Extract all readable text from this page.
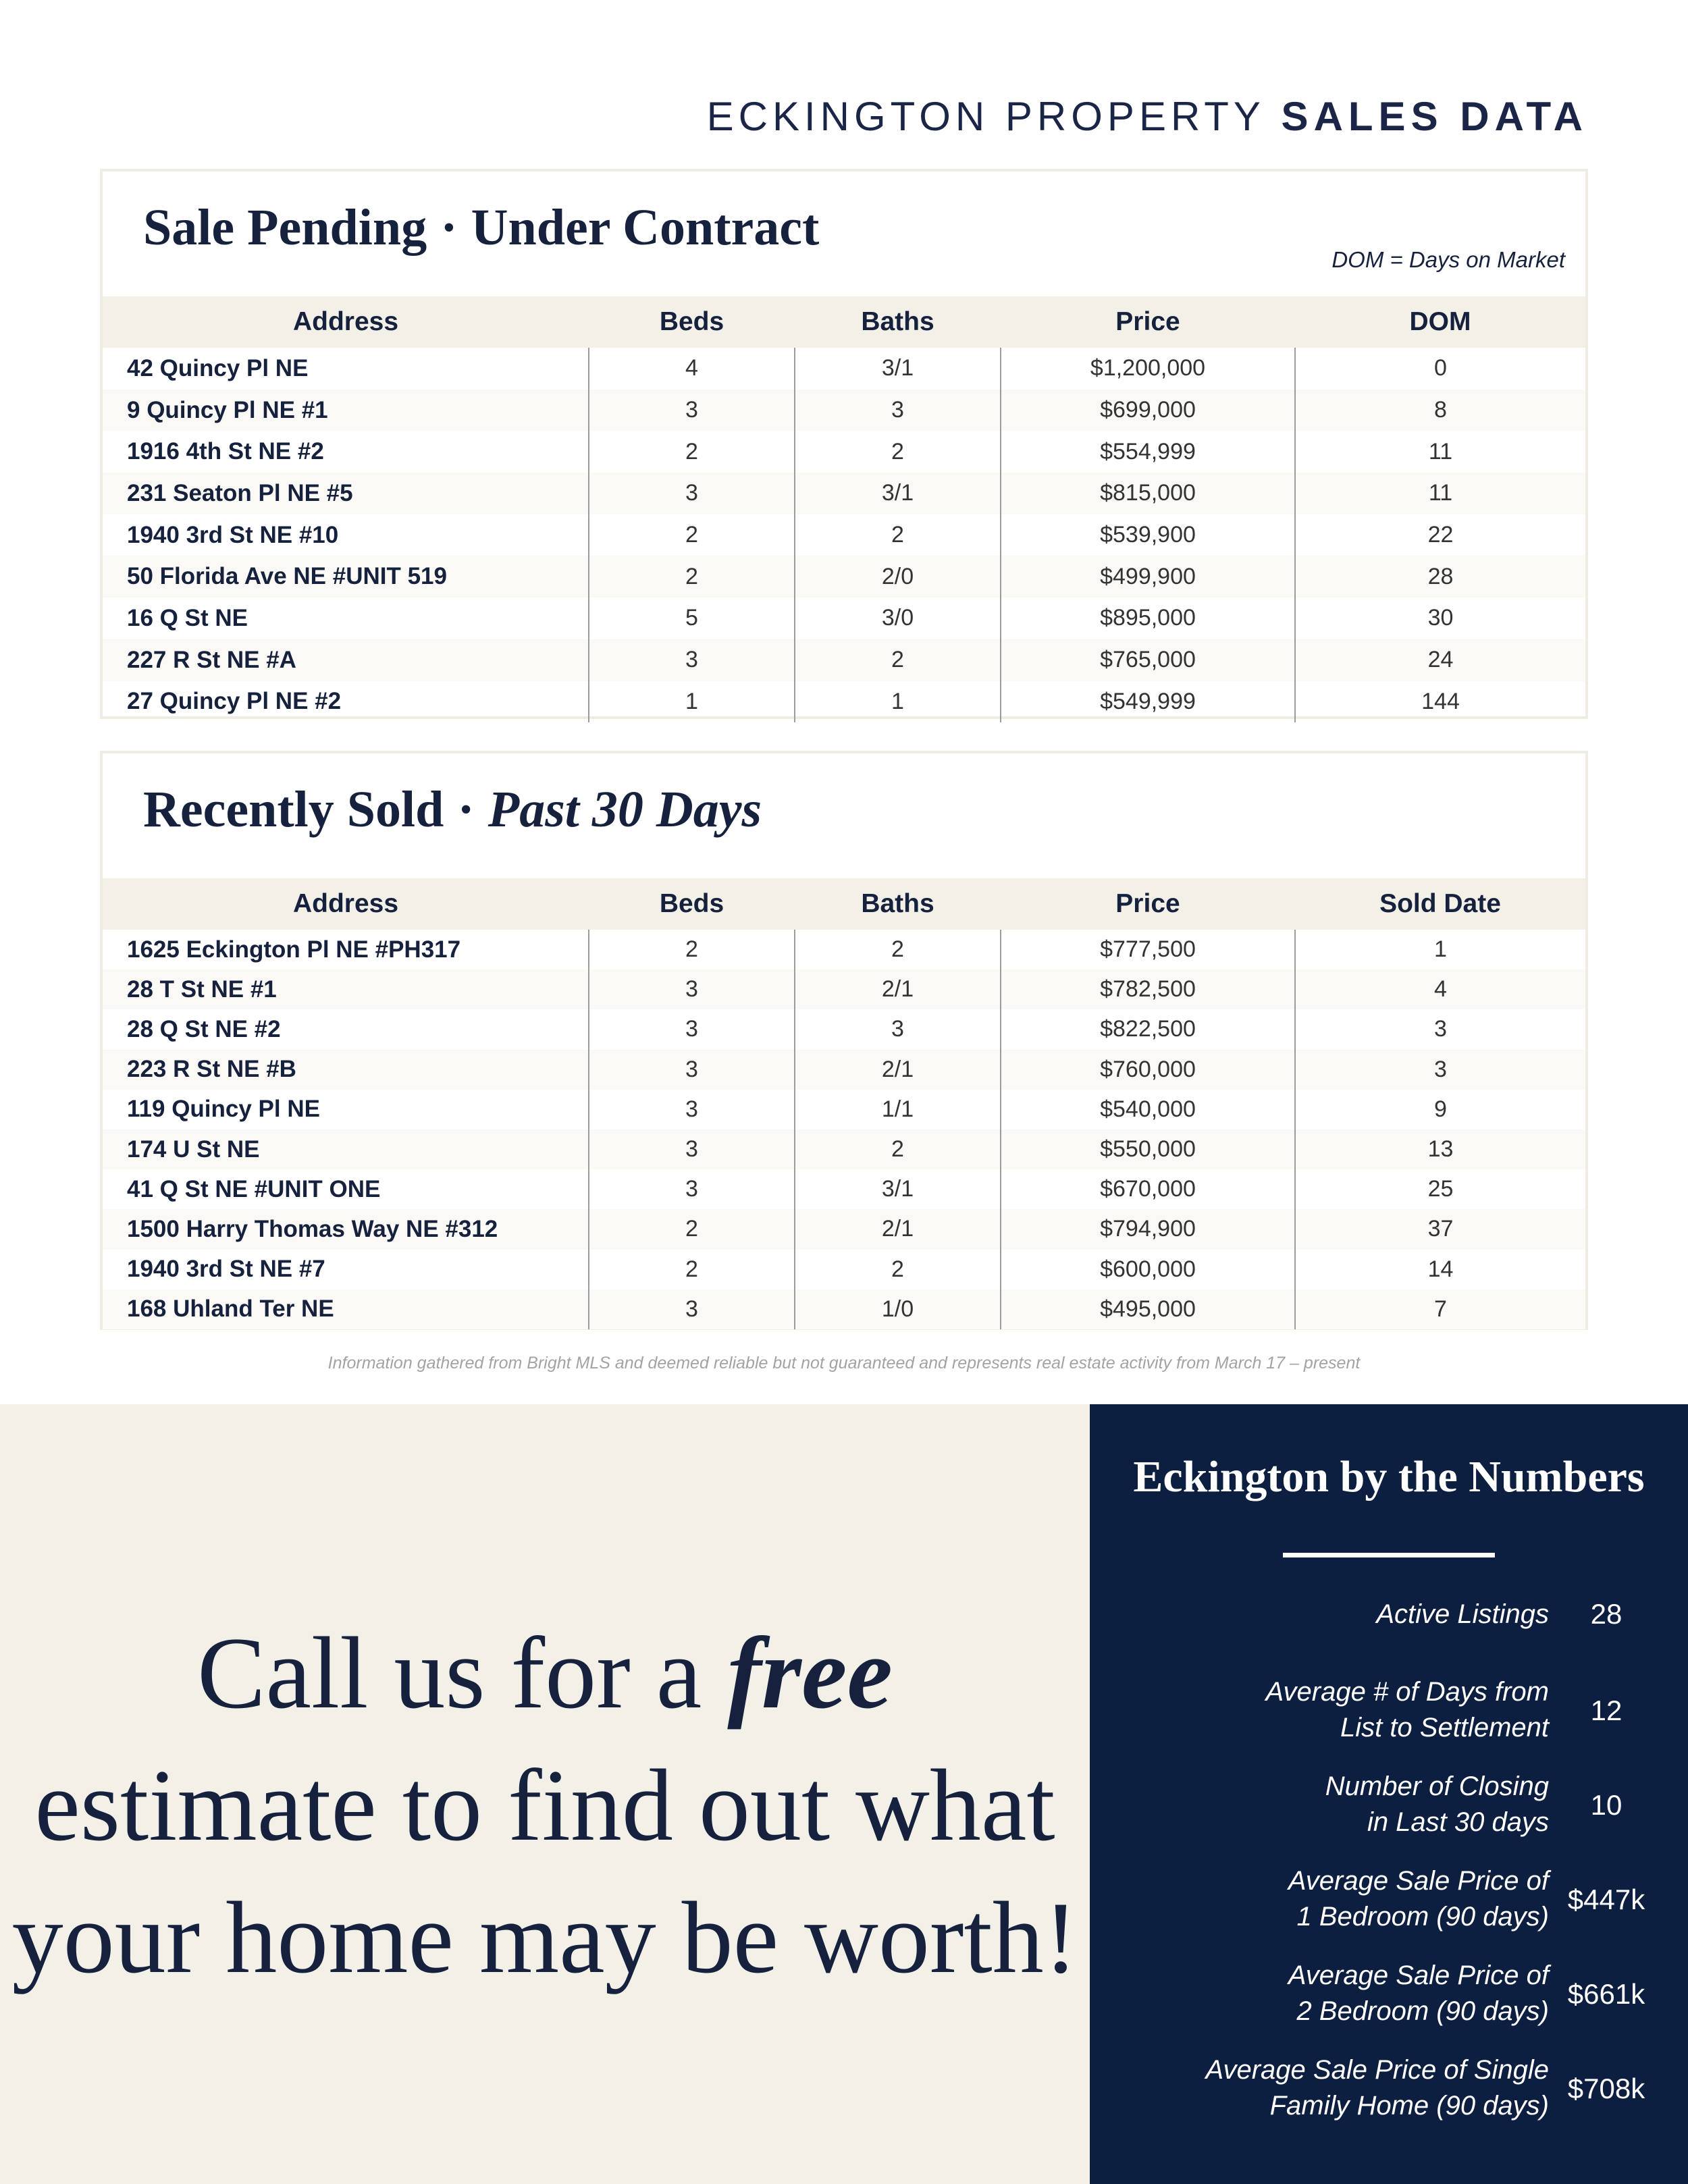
ECKINGTON PROPERTY SALES DATA
Sale Pending · Under Contract
DOM = Days on Market
Address	Beds	Baths	Price	DOM
42 Quincy Pl NE	4	3/1	$1,200,000	0
9 Quincy Pl NE #1	3	3	$699,000	8
1916 4th St NE #2	2	2	$554,999	11
231 Seaton Pl NE #5	3	3/1	$815,000	11
1940 3rd St NE #10	2	2	$539,900	22
50 Florida Ave NE #UNIT 519	2	2/0	$499,900	28
16 Q St NE	5	3/0	$895,000	30
227 R St NE #A	3	2	$765,000	24
27 Quincy Pl NE #2	1	1	$549,999	144
Recently Sold · Past 30 Days
Address	Beds	Baths	Price	Sold Date
1625 Eckington Pl NE #PH317	2	2	$777,500	1
28 T St NE #1	3	2/1	$782,500	4
28 Q St NE #2	3	3	$822,500	3
223 R St NE #B	3	2/1	$760,000	3
119 Quincy Pl NE	3	1/1	$540,000	9
174 U St NE	3	2	$550,000	13
41 Q St NE #UNIT ONE	3	3/1	$670,000	25
1500 Harry Thomas Way NE #312	2	2/1	$794,900	37
1940 3rd St NE #7	2	2	$600,000	14
168 Uhland Ter NE	3	1/0	$495,000	7
Information gathered from Bright MLS and deemed reliable but not guaranteed and represents real estate activity from March 17 – present
Call us for a free
estimate to find out what
your home may be worth!
Eckington by the Numbers
Active Listings	28
Average # of Days from
List to Settlement
12
Number of Closing
in Last 30 days
10
Average Sale Price of
1 Bedroom (90 days)
$447k
Average Sale Price of
2 Bedroom (90 days)
$661k
Average Sale Price of Single
Family Home (90 days)
$708k
